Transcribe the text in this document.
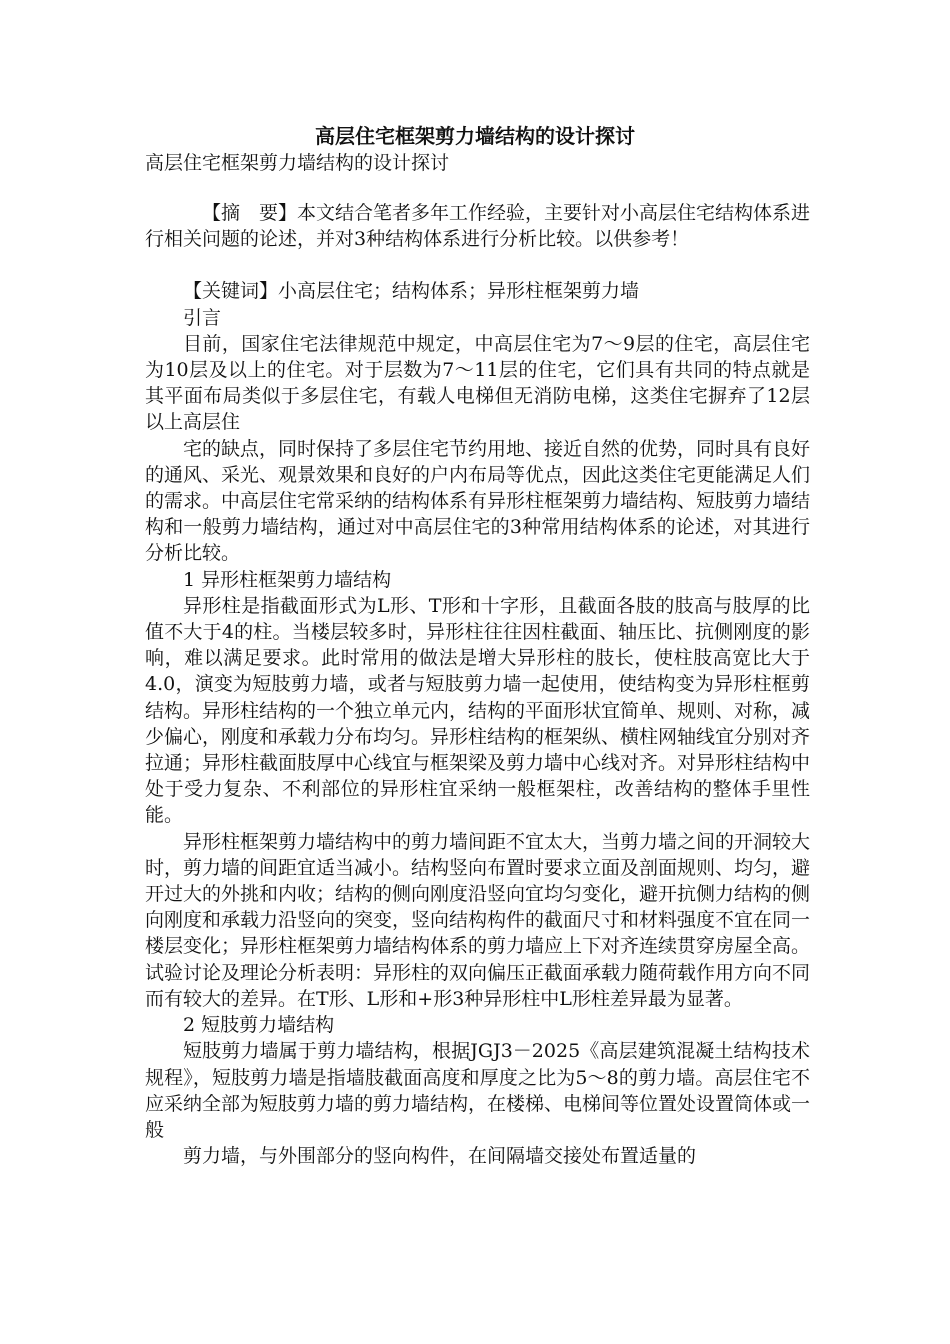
高层住宅框架剪力墙结构的设计探讨
高层住宅框架剪力墙结构的设计探讨

【摘　要】本文结合笔者多年工作经验，主要针对小高层住宅结构体系进行相关问题的论述，并对3种结构体系进行分析比较。以供参考！

【关键词】小高层住宅；结构体系；异形柱框架剪力墙

引言

目前，国家住宅法律规范中规定，中高层住宅为7～9层的住宅，高层住宅为10层及以上的住宅。对于层数为7～11层的住宅，它们具有共同的特点就是其平面布局类似于多层住宅，有载人电梯但无消防电梯，这类住宅摒弃了12层以上高层住

宅的缺点，同时保持了多层住宅节约用地、接近自然的优势，同时具有良好的通风、采光、观景效果和良好的户内布局等优点，因此这类住宅更能满足人们的需求。中高层住宅常采纳的结构体系有异形柱框架剪力墙结构、短肢剪力墙结构和一般剪力墙结构，通过对中高层住宅的3种常用结构体系的论述，对其进行分析比较。

1 异形柱框架剪力墙结构

异形柱是指截面形式为L形、T形和十字形，且截面各肢的肢高与肢厚的比值不大于4的柱。当楼层较多时，异形柱往往因柱截面、轴压比、抗侧刚度的影响，难以满足要求。此时常用的做法是增大异形柱的肢长，使柱肢高宽比大于4.0，演变为短肢剪力墙，或者与短肢剪力墙一起使用，使结构变为异形柱框剪结构。异形柱结构的一个独立单元内，结构的平面形状宜简单、规则、对称，减少偏心，刚度和承载力分布均匀。异形柱结构的框架纵、横柱网轴线宜分别对齐拉通；异形柱截面肢厚中心线宜与框架梁及剪力墙中心线对齐。对异形柱结构中处于受力复杂、不利部位的异形柱宜采纳一般框架柱，改善结构的整体手里性能。

异形柱框架剪力墙结构中的剪力墙间距不宜太大，当剪力墙之间的开洞较大时，剪力墙的间距宜适当减小。结构竖向布置时要求立面及剖面规则、均匀，避开过大的外挑和内收；结构的侧向刚度沿竖向宜均匀变化，避开抗侧力结构的侧向刚度和承载力沿竖向的突变，竖向结构构件的截面尺寸和材料强度不宜在同一楼层变化；异形柱框架剪力墙结构体系的剪力墙应上下对齐连续贯穿房屋全高。试验讨论及理论分析表明：异形柱的双向偏压正截面承载力随荷载作用方向不同而有较大的差异。在T形、L形和+形3种异形柱中L形柱差异最为显著。

2 短肢剪力墙结构

短肢剪力墙属于剪力墙结构，根据JGJ3－2025《高层建筑混凝土结构技术规程》，短肢剪力墙是指墙肢截面高度和厚度之比为5～8的剪力墙。高层住宅不应采纳全部为短肢剪力墙的剪力墙结构，在楼梯、电梯间等位置处设置筒体或一般

剪力墙，与外围部分的竖向构件，在间隔墙交接处布置适量的
